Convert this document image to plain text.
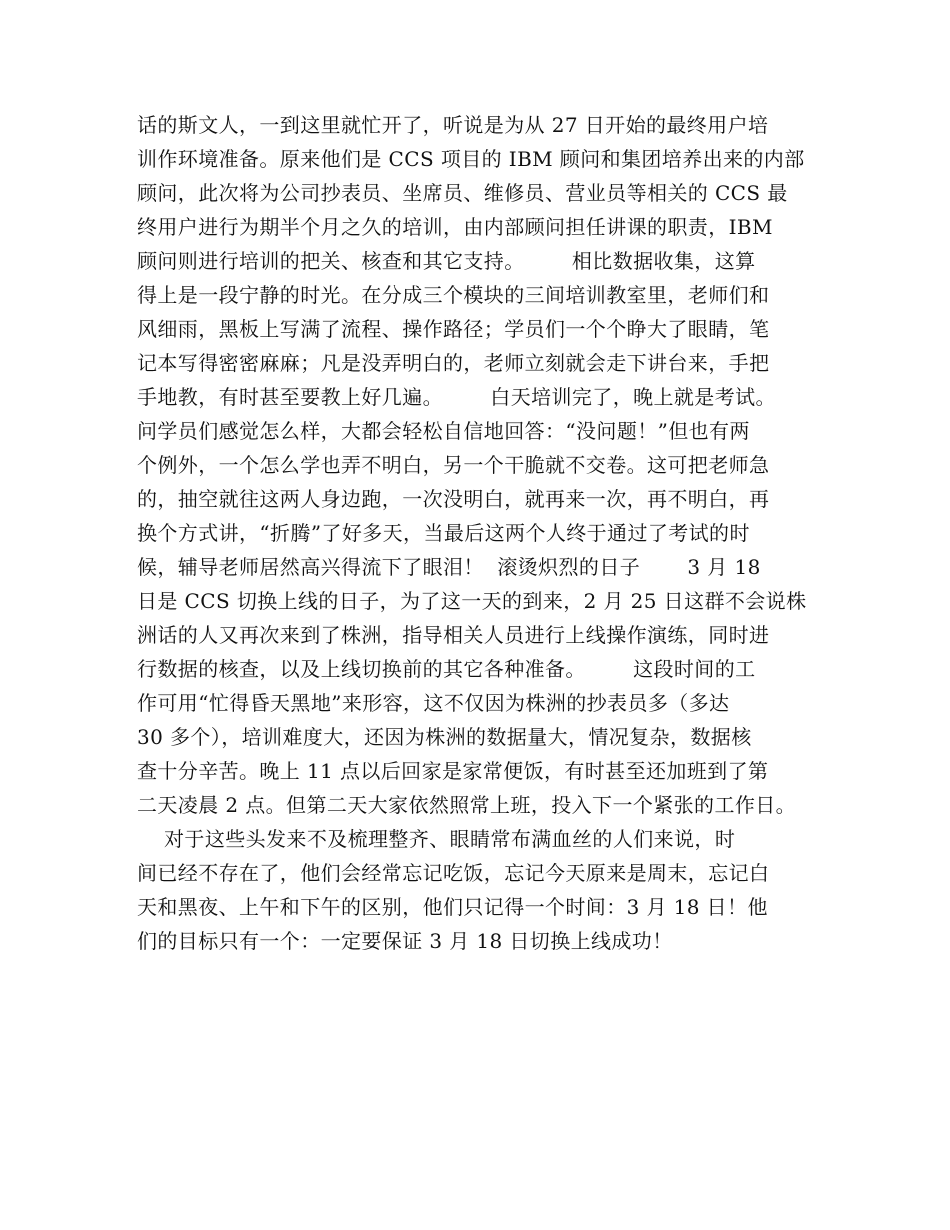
话的斯文人，一到这里就忙开了，听说是为从 27 日开始的最终用户培
训作环境准备。原来他们是 CCS 项目的 IBM 顾问和集团培养出来的内部
顾问，此次将为公司抄表员、坐席员、维修员、营业员等相关的 CCS 最
终用户进行为期半个月之久的培训，由内部顾问担任讲课的职责，IBM
顾问则进行培训的把关、核查和其它支持。       相比数据收集，这算
得上是一段宁静的时光。在分成三个模块的三间培训教室里，老师们和
风细雨，黑板上写满了流程、操作路径；学员们一个个睁大了眼睛，笔
记本写得密密麻麻；凡是没弄明白的，老师立刻就会走下讲台来，手把
手地教，有时甚至要教上好几遍。       白天培训完了，晚上就是考试。
问学员们感觉怎么样，大都会轻松自信地回答：“没问题！”但也有两
个例外，一个怎么学也弄不明白，另一个干脆就不交卷。这可把老师急
的，抽空就往这两人身边跑，一次没明白，就再来一次，再不明白，再
换个方式讲，“折腾”了好多天，当最后这两个人终于通过了考试的时
候，辅导老师居然高兴得流下了眼泪！  滚烫炽烈的日子       3 月 18
日是 CCS 切换上线的日子，为了这一天的到来，2 月 25 日这群不会说株
洲话的人又再次来到了株洲，指导相关人员进行上线操作演练，同时进
行数据的核查，以及上线切换前的其它各种准备。       这段时间的工
作可用“忙得昏天黑地”来形容，这不仅因为株洲的抄表员多（多达
30 多个），培训难度大，还因为株洲的数据量大，情况复杂，数据核
查十分辛苦。晚上 11 点以后回家是家常便饭，有时甚至还加班到了第
二天凌晨 2 点。但第二天大家依然照常上班，投入下一个紧张的工作日。
对于这些头发来不及梳理整齐、眼睛常布满血丝的人们来说，时
间已经不存在了，他们会经常忘记吃饭，忘记今天原来是周末，忘记白
天和黑夜、上午和下午的区别，他们只记得一个时间：3 月 18 日！他
们的目标只有一个：一定要保证 3 月 18 日切换上线成功！
